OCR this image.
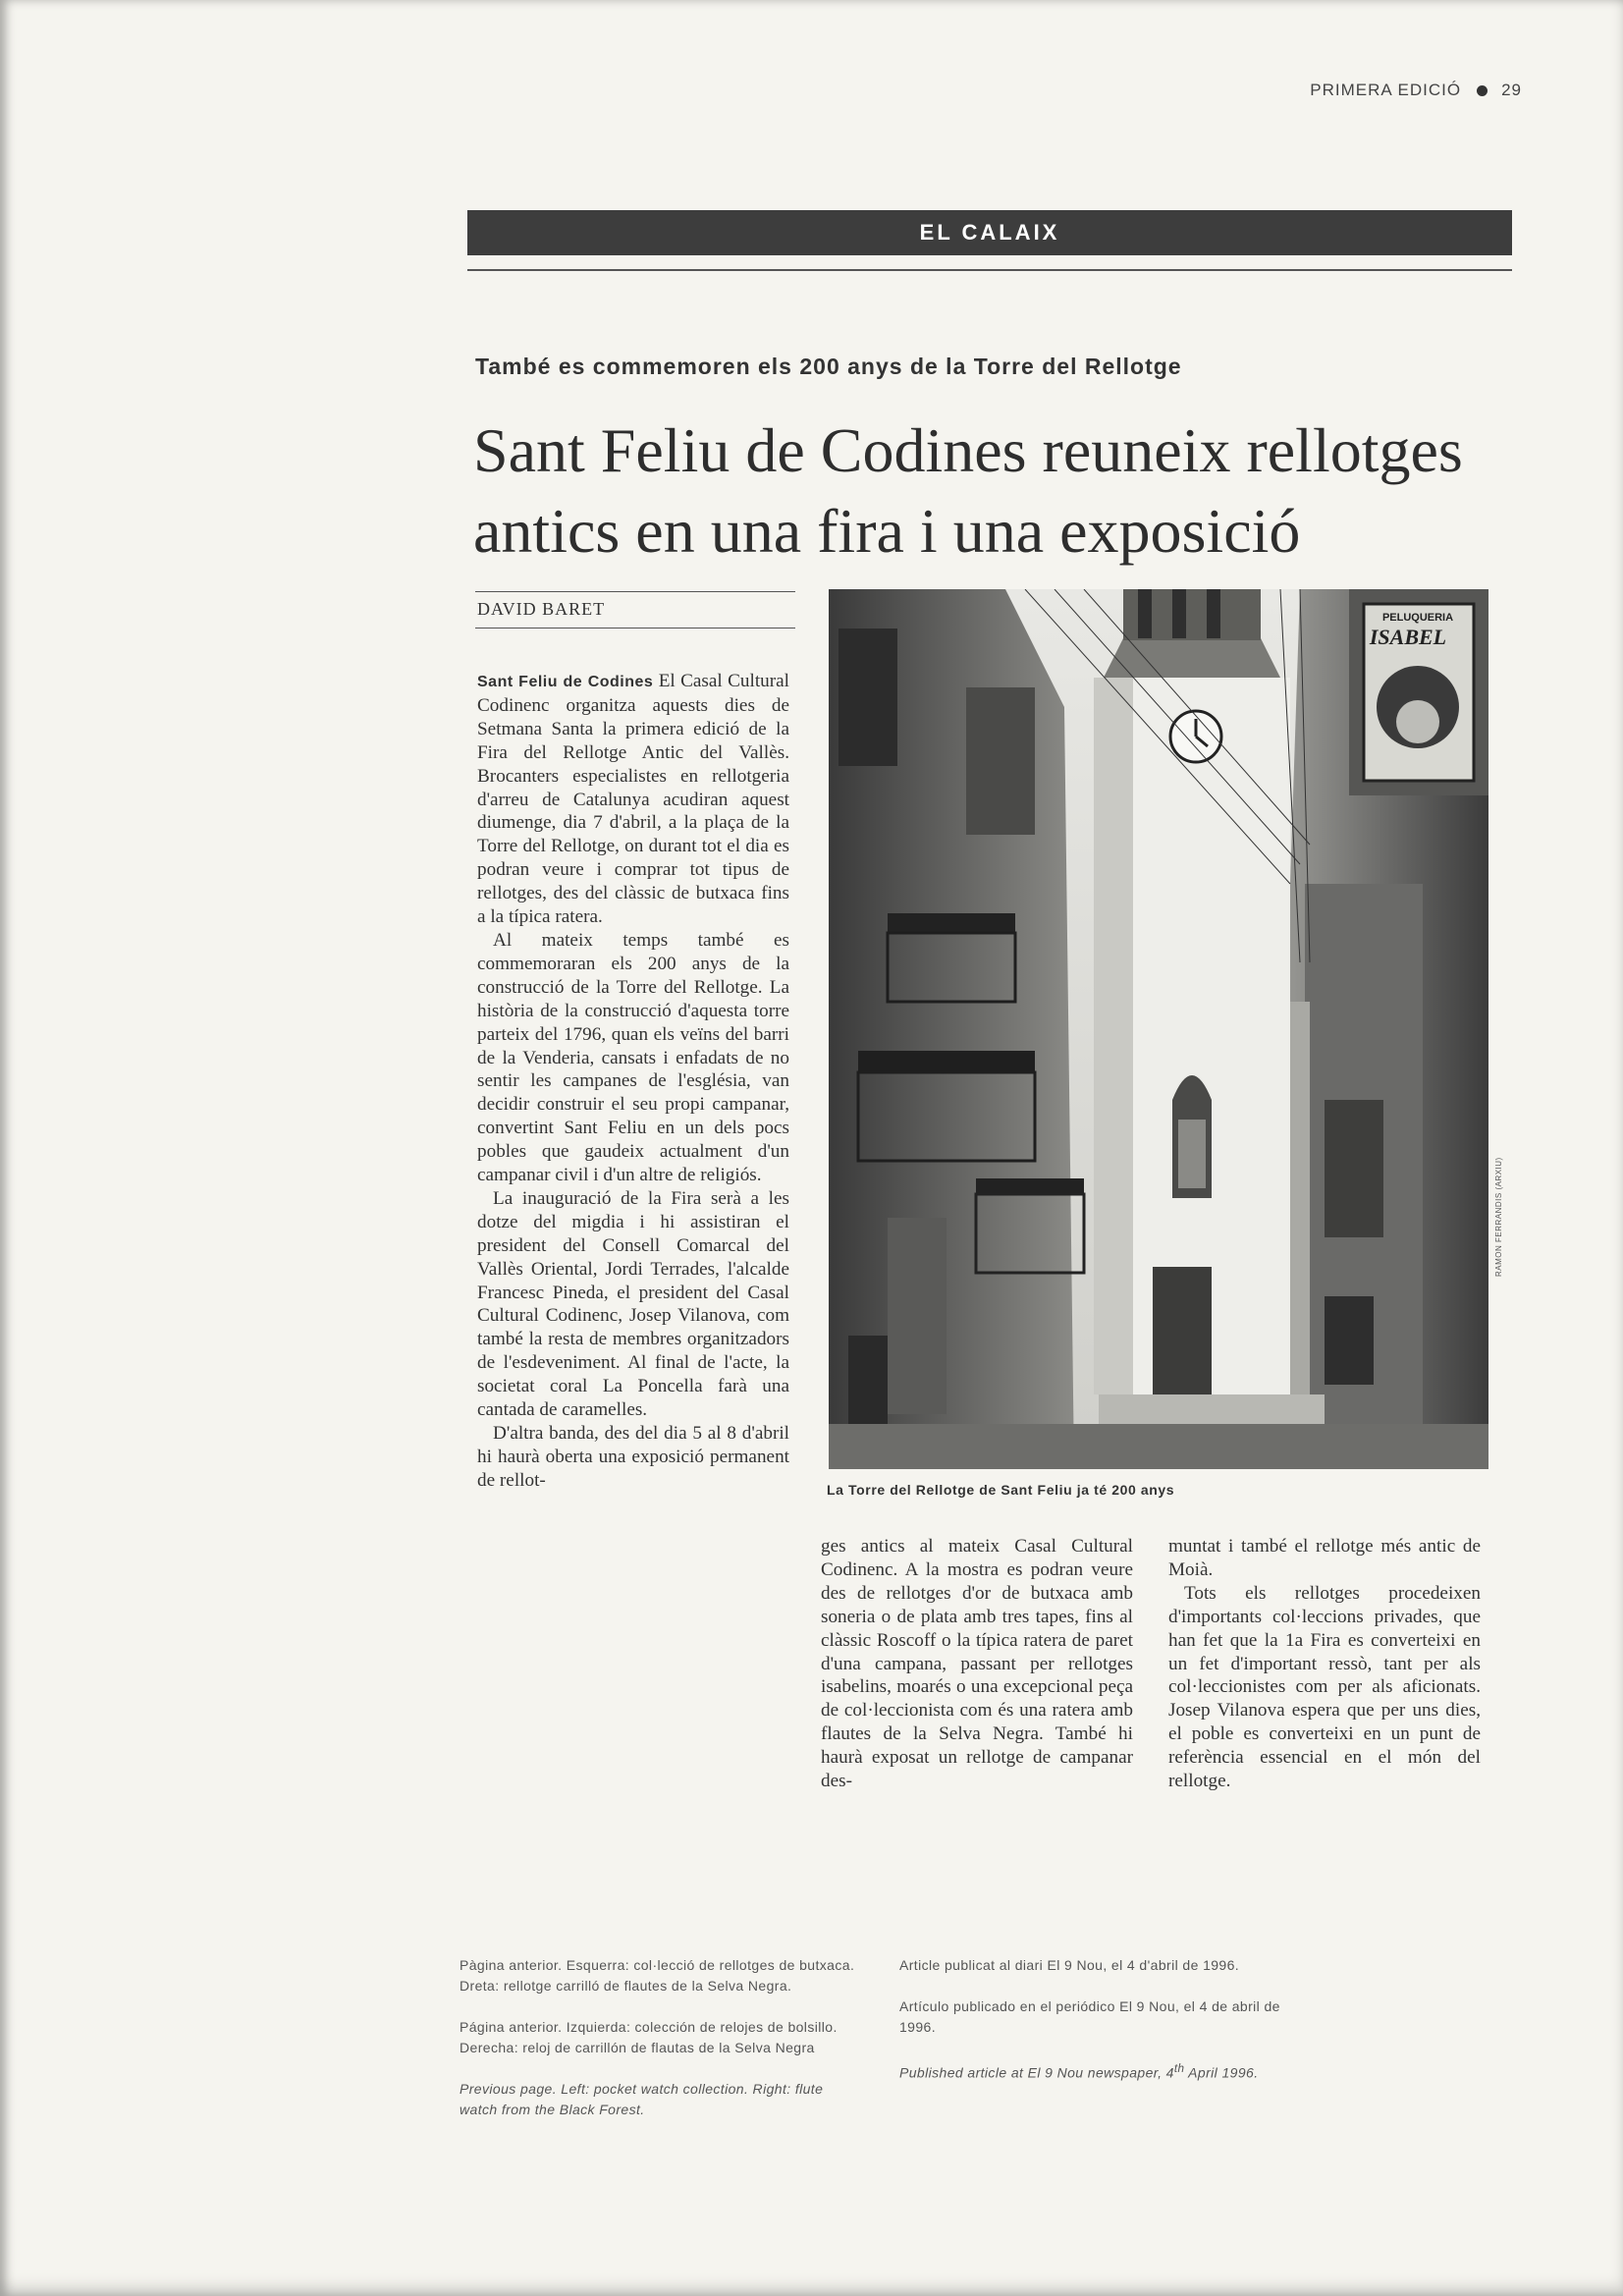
PRIMERA EDICIÓ 29
EL CALAIX
També es commemoren els 200 anys de la Torre del Rellotge
Sant Feliu de Codines reuneix rellotges
antics en una fira i una exposició
DAVID BARET

Sant Feliu de Codines El Casal Cultural Codinenc organitza aquests dies de Setmana Santa la primera edició de la Fira del Rellotge Antic del Vallès. Brocanters especialistes en rellotgeria d'arreu de Catalunya acudiran aquest diumenge, dia 7 d'abril, a la plaça de la Torre del Rellotge, on durant tot el dia es podran veure i comprar tot tipus de rellotges, des del clàssic de butxaca fins a la típica ratera.

Al mateix temps també es commemoraran els 200 anys de la construcció de la Torre del Rellotge. La història de la construcció d'aquesta torre parteix del 1796, quan els veïns del barri de la Venderia, cansats i enfadats de no sentir les campanes de l'església, van decidir construir el seu propi campanar, convertint Sant Feliu en un dels pocs pobles que gaudeix actualment d'un campanar civil i d'un altre de religiós.

La inauguració de la Fira serà a les dotze del migdia i hi assistiran el president del Consell Comarcal del Vallès Oriental, Jordi Terrades, l'alcalde Francesc Pineda, el president del Casal Cultural Codinenc, Josep Vilanova, com també la resta de membres organitzadors de l'esdeveniment. Al final de l'acte, la societat coral La Poncella farà una cantada de caramelles.

D'altra banda, des del dia 5 al 8 d'abril hi haurà oberta una exposició permanent de rellot-

PELUQUERIA
ISABEL
RAMON FERRANDIS (ARXIU)
La Torre del Rellotge de Sant Feliu ja té 200 anys

ges antics al mateix Casal Cultural Codinenc. A la mostra es podran veure des de rellotges d'or de butxaca amb soneria o de plata amb tres tapes, fins al clàssic Roscoff o la típica ratera de paret d'una campana, passant per rellotges isabelins, moarés o una excepcional peça de col·leccionista com és una ratera amb flautes de la Selva Negra. També hi haurà exposat un rellotge de campanar des-

muntat i també el rellotge més antic de Moià.

Tots els rellotges procedeixen d'importants col·leccions privades, que han fet que la 1a Fira es converteixi en un fet d'important ressò, tant per als col·leccionistes com per als aficionats. Josep Vilanova espera que per uns dies, el poble es converteixi en un punt de referència essencial en el món del rellotge.

Pàgina anterior. Esquerra: col·lecció de rellotges de butxaca. Dreta: rellotge carrilló de flautes de la Selva Negra.

Página anterior. Izquierda: colección de relojes de bolsillo. Derecha: reloj de carrillón de flautas de la Selva Negra

Previous page. Left: pocket watch collection. Right: flute watch from the Black Forest.

Article publicat al diari El 9 Nou, el 4 d'abril de 1996.

Artículo publicado en el periódico El 9 Nou, el 4 de abril de 1996.

Published article at El 9 Nou newspaper, 4th April 1996.
